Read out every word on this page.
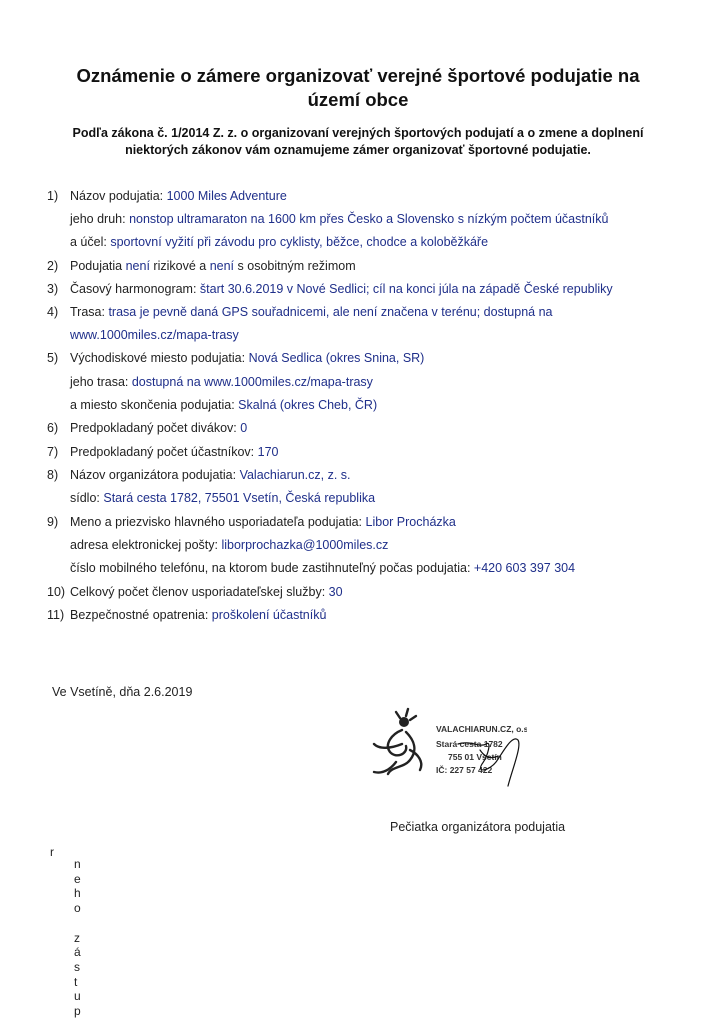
Oznámenie o zámere organizovať verejné športové podujatie na
území obce
Podľa zákona č. 1/2014 Z. z. o organizovaní verejných športových podujatí a o zmene a doplnení
niektorých zákonov vám oznamujeme zámer organizovať športovné podujatie.
1) Názov podujatia: 1000 Miles Adventure
jeho druh: nonstop ultramaraton na 1600 km přes Česko a Slovensko s nízkým počtem účastníků
a účel: sportovní vyžití při závodu pro cyklisty, běžce, chodce a koloběžkáře
2) Podujatia není rizikové a není s osobitným režimom
3) Časový harmonogram: štart 30.6.2019 v Nové Sedlici; cíl na konci júla na západě České republiky
4) Trasa: trasa je pevně daná GPS souřadnicemi, ale není značena v terénu; dostupná na
www.1000miles.cz/mapa-trasy
5) Východiskové miesto podujatia: Nová Sedlica (okres Snina, SR)
jeho trasa: dostupná na www.1000miles.cz/mapa-trasy
a miesto skončenia podujatia: Skalná (okres Cheb, ČR)
6) Predpokladaný počet divákov: 0
7) Predpokladaný počet účastníkov: 170
8) Názov organizátora podujatia: Valachiarun.cz, z. s.
sídlo: Stará cesta 1782, 75501 Vsetín, Česká republika
9) Meno a priezvisko hlavného usporiadateľa podujatia: Libor Procházka
adresa elektronickej pošty: liborprochazka@1000miles.cz
číslo mobilného telefónu, na ktorom bude zastihnuteľný počas podujatia: +420 603 397 304
10) Celkový počet členov usporiadateľskej služby: 30
11) Bezpečnostné opatrenia: proškolení účastníků
Ve Vsetíně, dňa 2.6.2019
VALACHIARUN.CZ, o.s.
Stará cesta 1782
755 01 Vsetín
IČ: 227 57 422
Pečiatka organizátora podujatia
r
n
e
h
o

z
á
s
t
u
p
